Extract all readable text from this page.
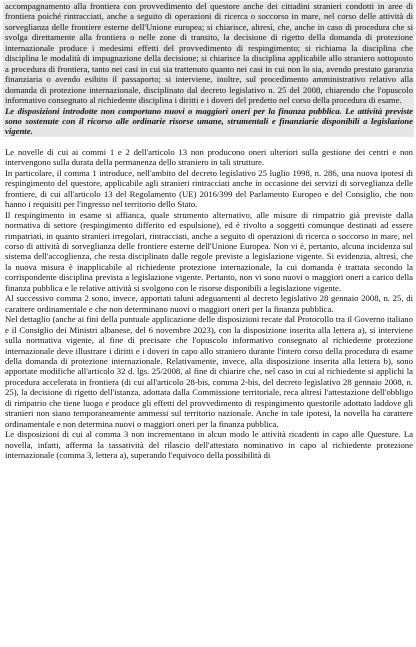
accompagnamento alla frontiera con provvedimento del questore anche dei cittadini stranieri condotti in aree di frontiera poiché rintracciati, anche a seguito di operazioni di ricerca o soccorso in mare, nel corso delle attività di sorveglianza delle frontiere esterne dell'Unione europea; si chiarisce, altresì, che, anche in caso di procedura che si svolga direttamente alla frontiera o nelle zone di transito, la decisione di rigetto della domanda di protezione internazionale produce i medesimi effetti del provvedimento di respingimento; si richiama la disciplina che disciplina le modalità di impugnazione della decisione; si chiarisce la disciplina applicabile allo straniero sottoposto a procedura di frontiera, tanto nei casi in cui sia trattenuto quanto nei casi in cui non lo sia, avendo prestato garanzia finanziaria o avendo esibito il passaporto; si interviene, inoltre, sul procedimento amministrativo relativo alla domanda di protezione internazionale, disciplinato dal decreto legislativo n. 25 del 2008, chiarendo che l'opuscolo informativo consegnato al richiedente disciplina i diritti e i doveri del predetto nel corso della procedura di esame.

Le disposizioni introdotte non comportano nuovi o maggiori oneri per la finanza pubblica. Le attività previste sono sostenute con il ricorso alle ordinarie risorse umane, strumentali e finanziarie disponibili a legislazione vigente.

Le novelle di cui ai commi 1 e 2 dell'articolo 13 non producono oneri ulteriori sulla gestione dei centri e non intervengono sulla durata della permanenza dello straniero in tali strutture.

In particolare, il comma 1 introduce, nell'ambito del decreto legislativo 25 luglio 1998, n. 286, una nuova ipotesi di respingimento del questore, applicabile agli stranieri rintracciati anche in occasione dei servizi di sorveglianza delle frontiere, di cui all'articolo 13 del Regolamento (UE) 2016/399 del Parlamento Europeo e del Consiglio, che non hanno i requisiti per l'ingresso nel territorio dello Stato.

Il respingimento in esame si affianca, quale strumento alternativo, alle misure di rimpatrio già previste dalla normativa di settore (respingimento differito ed espulsione), ed è rivolto a soggetti comunque destinati ad essere rimpatriati, in quanto stranieri irregolari, rintracciati, anche a seguito di operazioni di ricerca o soccorso in mare, nel corso di attività di sorveglianza delle frontiere esterne dell'Unione Europea. Non vi è, pertanto, alcuna incidenza sul sistema dell'accoglienza, che resta disciplinato dalle regole previste a legislazione vigente. Si evidenzia, altresì, che la nuova misura è inapplicabile al richiedente protezione internazionale, la cui domanda è trattata secondo la corrispondente disciplina prevista a legislazione vigente. Pertanto, non vi sono nuovi o maggiori oneri a carico della finanza pubblica e le relative attività si svolgono con le risorse disponibili a legislazione vigente.

Al successivo comma 2 sono, invece, apportati taluni adeguamenti al decreto legislativo 28 gennaio 2008, n. 25, di carattere ordinamentale e che non determinano nuovi o maggiori oneri per la finanza pubblica.

Nel dettaglio (anche ai fini della puntuale applicazione delle disposizioni recate dal Protocollo tra il Governo italiano e il Consiglio dei Ministri albanese, del 6 novembre 2023), con la disposizione inserita alla lettera a), si interviene sulla normativa vigente, al fine di precisare che l'opuscolo informativo consegnato al richiedente protezione internazionale deve illustrare i diritti e i doveri in capo allo straniero durante l'intero corso della procedura di esame della domanda di protezione internazionale. Relativamente, invece, alla disposizione inserita alla lettera b), sono apportate modifiche all'articolo 32 d. lgs. 25/2008, al fine di chiarire che, nel caso in cui al richiedente si applichi la procedura accelerata in frontiera (di cui all'articolo 28-bis, comma 2-bis, del decreto legislativo 28 gennaio 2008, n. 25), la decisione di rigetto dell'istanza, adottata dalla Commissione territoriale, reca altresì l'attestazione dell'obbligo di rimpatrio che tiene luogo e produce gli effetti del provvedimento di respingimento questorile adottato laddove gli stranieri non siano temporaneamente ammessi sul territorio nazionale. Anche in tale ipotesi, la novella ha carattere ordinamentale e non determina nuovi o maggiori oneri per la finanza pubblica.

Le disposizioni di cui al comma 3 non incrementano in alcun modo le attività ricadenti in capo alle Questure. La novella, infatti, afferma la tassatività del rilascio dell'attestato nominativo in capo al richiedente protezione internazionale (comma 3, lettera a), superando l'equivoco della possibilità di
